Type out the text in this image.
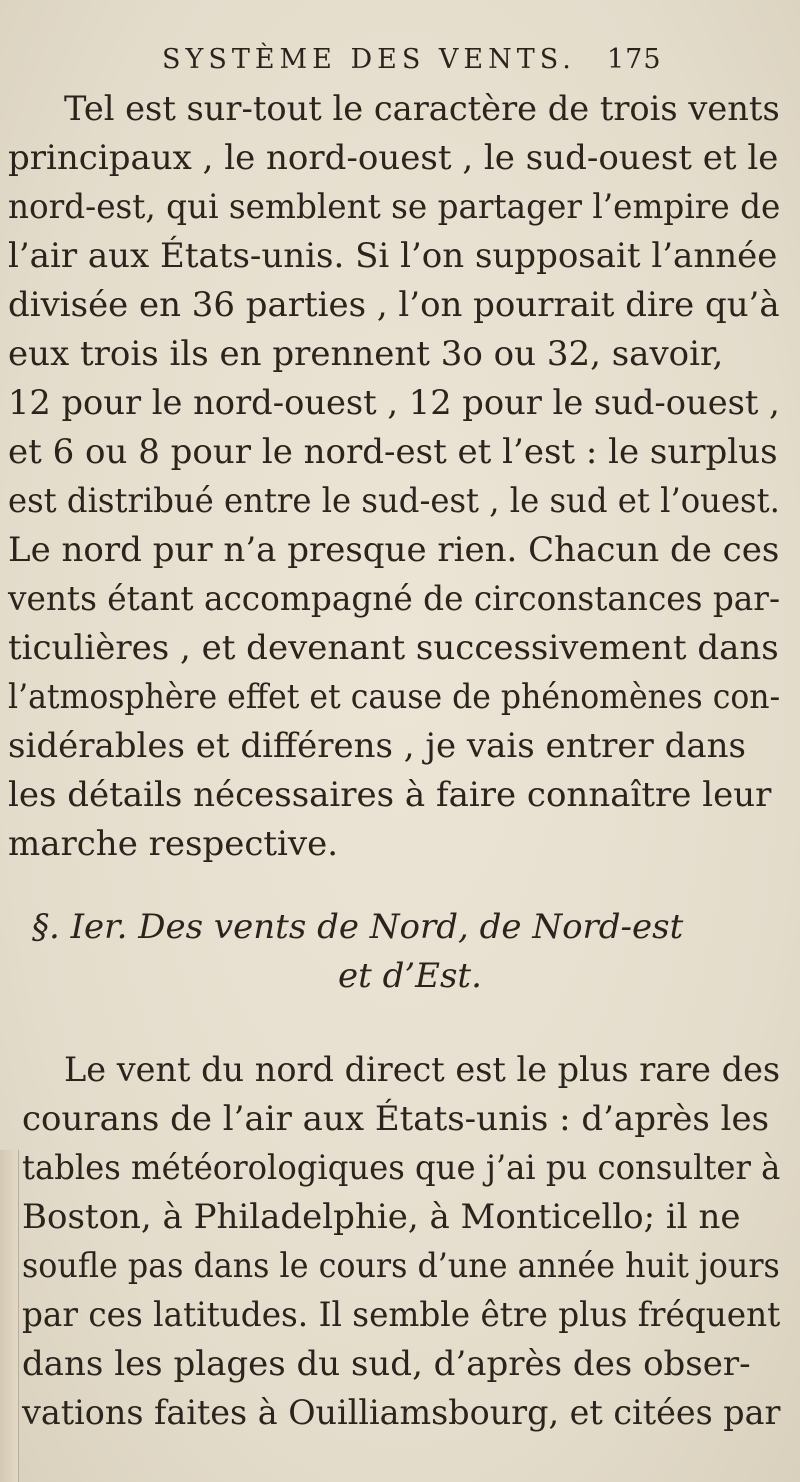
SYSTÈME DES VENTS. 175
Tel est sur-tout le caractère de trois vents
principaux , le nord-ouest , le sud-ouest et le
nord-est, qui semblent se partager l’empire de
l’air aux États-unis. Si l’on supposait l’année
divisée en 36 parties , l’on pourrait dire qu’à
eux trois ils en prennent 3o ou 32, savoir,
12 pour le nord-ouest , 12 pour le sud-ouest ,
et 6 ou 8 pour le nord-est et l’est : le surplus
est distribué entre le sud-est , le sud et l’ouest.
Le nord pur n’a presque rien. Chacun de ces
vents étant accompagné de circonstances par-
ticulières , et devenant successivement dans
l’atmosphère effet et cause de phénomènes con-
sidérables et différens , je vais entrer dans
les détails nécessaires à faire connaître leur
marche respective.
§. Ier. Des vents de Nord, de Nord-est
et d’Est.
Le vent du nord direct est le plus rare des
courans de l’air aux États-unis : d’après les
tables météorologiques que j’ai pu consulter à
Boston, à Philadelphie, à Monticello; il ne
soufle pas dans le cours d’une année huit jours
par ces latitudes. Il semble être plus fréquent
dans les plages du sud, d’après des obser-
vations faites à Ouilliamsbourg, et citées par
